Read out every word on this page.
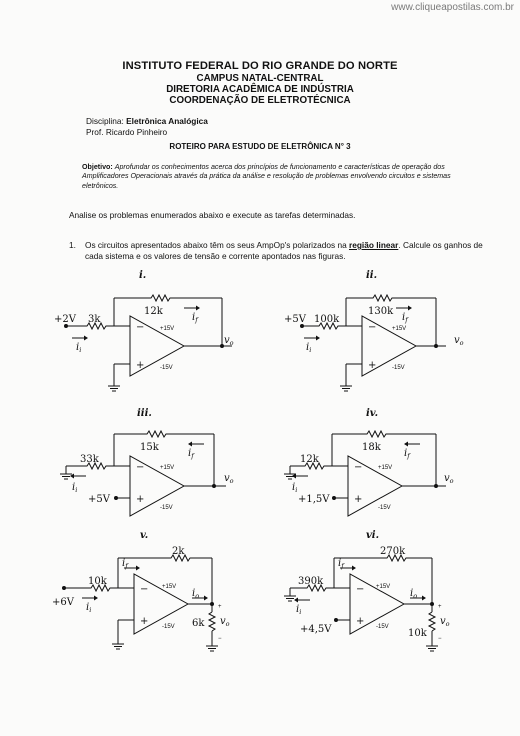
www.cliqueapostilas.com.br
INSTITUTO FEDERAL DO RIO GRANDE DO NORTE
CAMPUS NATAL-CENTRAL
DIRETORIA ACADÊMICA DE INDÚSTRIA
COORDENAÇÃO DE ELETROTÉCNICA
Disciplina: Eletrônica Analógica
Prof. Ricardo Pinheiro
ROTEIRO PARA ESTUDO DE ELETRÔNICA N° 3
Objetivo: Aprofundar os conhecimentos acerca dos princípios de funcionamento e características de operação dos Amplificadores Operacionais através da prática da análise e resolução de problemas envolvendo circuitos e sistemas eletrônicos.
Analise os problemas enumerados abaixo e execute as tarefas determinadas.
1. Os circuitos apresentados abaixo têm os seus AmpOp's polarizados na região linear. Calcule os ganhos de cada sistema e os valores de tensão e corrente apontados nas figuras.
i.
12k
3k
+2V
$i_i$
$i_f$
$v_o$
+15V
-15V
−
+
ii.
130k
100k
+5V
$i_i$
$i_f$
$v_o$
+15V
-15V
−
+
iii.
15k
33k
+5V
$i_i$
$i_f$
$v_o$
+15V
-15V
−
+
iv.
18k
12k
+1,5V
$i_i$
$i_f$
$v_o$
+15V
-15V
−
+
v.
2k
10k
+6V $i_i$
$i_f$
$i_o$
$v_o$
6k
+
−
+15V
-15V
−
+
vi.
270k
390k
+4,5V
$i_i$
$i_f$
$i_o$
$v_o$
10k
+
−
+15V
-15V
−
+
